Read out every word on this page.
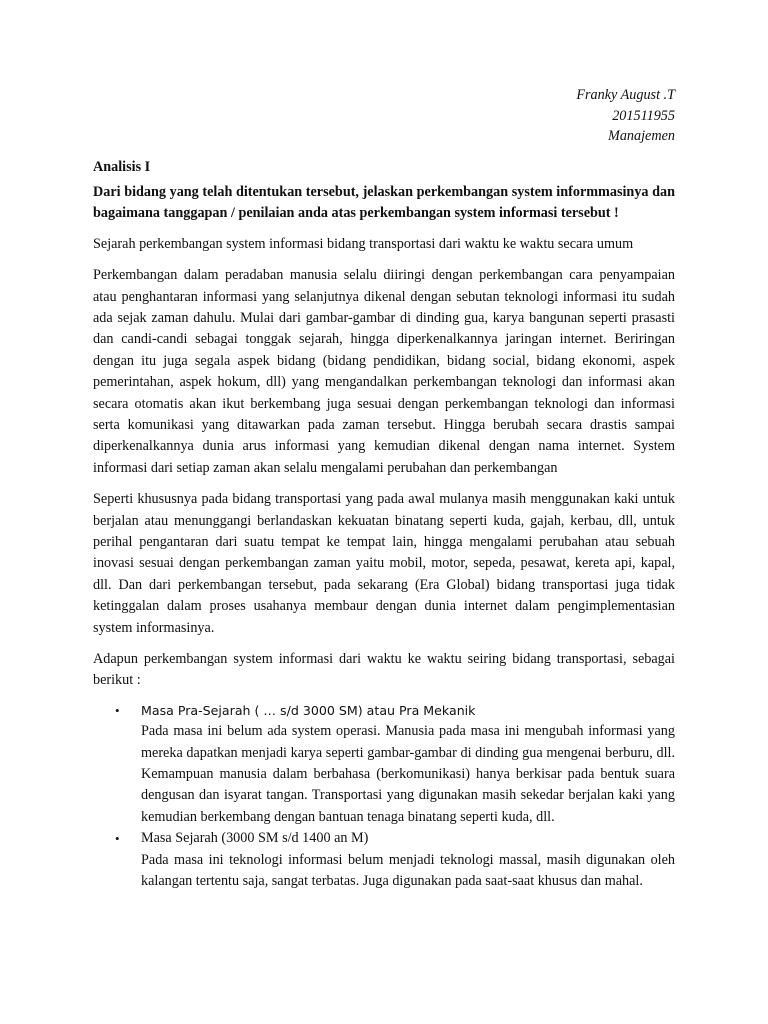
Franky August .T
201511955
Manajemen
Analisis I
Dari bidang yang telah ditentukan tersebut, jelaskan perkembangan system informmasinya dan bagaimana tanggapan / penilaian anda atas perkembangan system informasi tersebut !

Sejarah perkembangan system informasi bidang transportasi dari waktu ke waktu secara umum

Perkembangan dalam peradaban manusia selalu diiringi dengan perkembangan cara penyampaian atau penghantaran informasi yang selanjutnya dikenal dengan sebutan teknologi informasi itu sudah ada sejak zaman dahulu. Mulai dari gambar-gambar di dinding gua, karya bangunan seperti prasasti dan candi-candi sebagai tonggak sejarah, hingga diperkenalkannya jaringan internet. Beriringan dengan itu juga segala aspek bidang (bidang pendidikan, bidang social, bidang ekonomi, aspek pemerintahan, aspek hokum, dll) yang mengandalkan perkembangan teknologi dan informasi akan secara otomatis akan ikut berkembang juga sesuai dengan perkembangan teknologi dan informasi serta komunikasi yang ditawarkan pada zaman tersebut. Hingga berubah secara drastis sampai diperkenalkannya dunia arus informasi yang kemudian dikenal dengan nama internet. System informasi dari setiap zaman akan selalu mengalami perubahan dan perkembangan

Seperti khususnya pada bidang transportasi yang pada awal mulanya masih menggunakan kaki untuk berjalan atau menunggangi berlandaskan kekuatan binatang seperti kuda, gajah, kerbau, dll, untuk perihal pengantaran dari suatu tempat ke tempat lain, hingga mengalami perubahan atau sebuah inovasi sesuai dengan perkembangan zaman yaitu mobil, motor, sepeda, pesawat, kereta api, kapal, dll. Dan dari perkembangan tersebut, pada sekarang (Era Global) bidang transportasi juga tidak ketinggalan dalam proses usahanya membaur dengan dunia internet dalam pengimplementasian system informasinya.

Adapun perkembangan system informasi dari waktu ke waktu seiring bidang transportasi, sebagai berikut :

• Masa Pra-Sejarah ( … s/d 3000 SM) atau Pra Mekanik
Pada masa ini belum ada system operasi. Manusia pada masa ini mengubah informasi yang mereka dapatkan menjadi karya seperti gambar-gambar di dinding gua mengenai berburu, dll. Kemampuan manusia dalam berbahasa (berkomunikasi) hanya berkisar pada bentuk suara dengusan dan isyarat tangan. Transportasi yang digunakan masih sekedar berjalan kaki yang kemudian berkembang dengan bantuan tenaga binatang seperti kuda, dll.
• Masa Sejarah (3000 SM s/d 1400 an M)
Pada masa ini teknologi informasi belum menjadi teknologi massal, masih digunakan oleh kalangan tertentu saja, sangat terbatas. Juga digunakan pada saat-saat khusus dan mahal.
